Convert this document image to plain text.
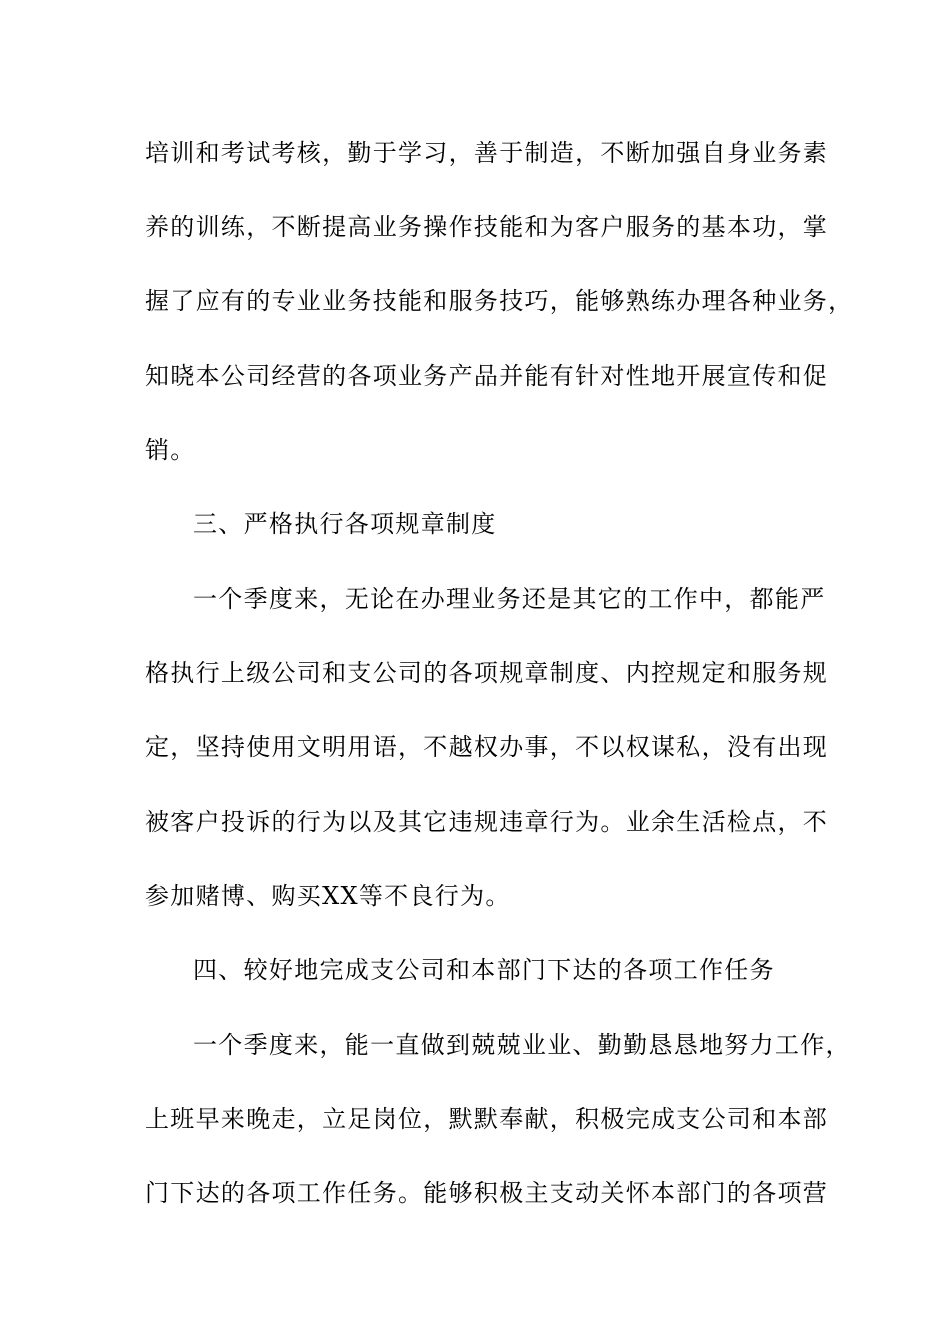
培训和考试考核，勤于学习，善于制造，不断加强自身业务素
养的训练，不断提高业务操作技能和为客户服务的基本功，掌
握了应有的专业业务技能和服务技巧，能够熟练办理各种业务，
知晓本公司经营的各项业务产品并能有针对性地开展宣传和促
销。
三、严格执行各项规章制度
一个季度来，无论在办理业务还是其它的工作中，都能严
格执行上级公司和支公司的各项规章制度、内控规定和服务规
定，坚持使用文明用语，不越权办事，不以权谋私，没有出现
被客户投诉的行为以及其它违规违章行为。业余生活检点，不
参加赌博、购买XX等不良行为。
四、较好地完成支公司和本部门下达的各项工作任务
一个季度来，能一直做到兢兢业业、勤勤恳恳地努力工作，
上班早来晚走，立足岗位，默默奉献，积极完成支公司和本部
门下达的各项工作任务。能够积极主支动关怀本部门的各项营
